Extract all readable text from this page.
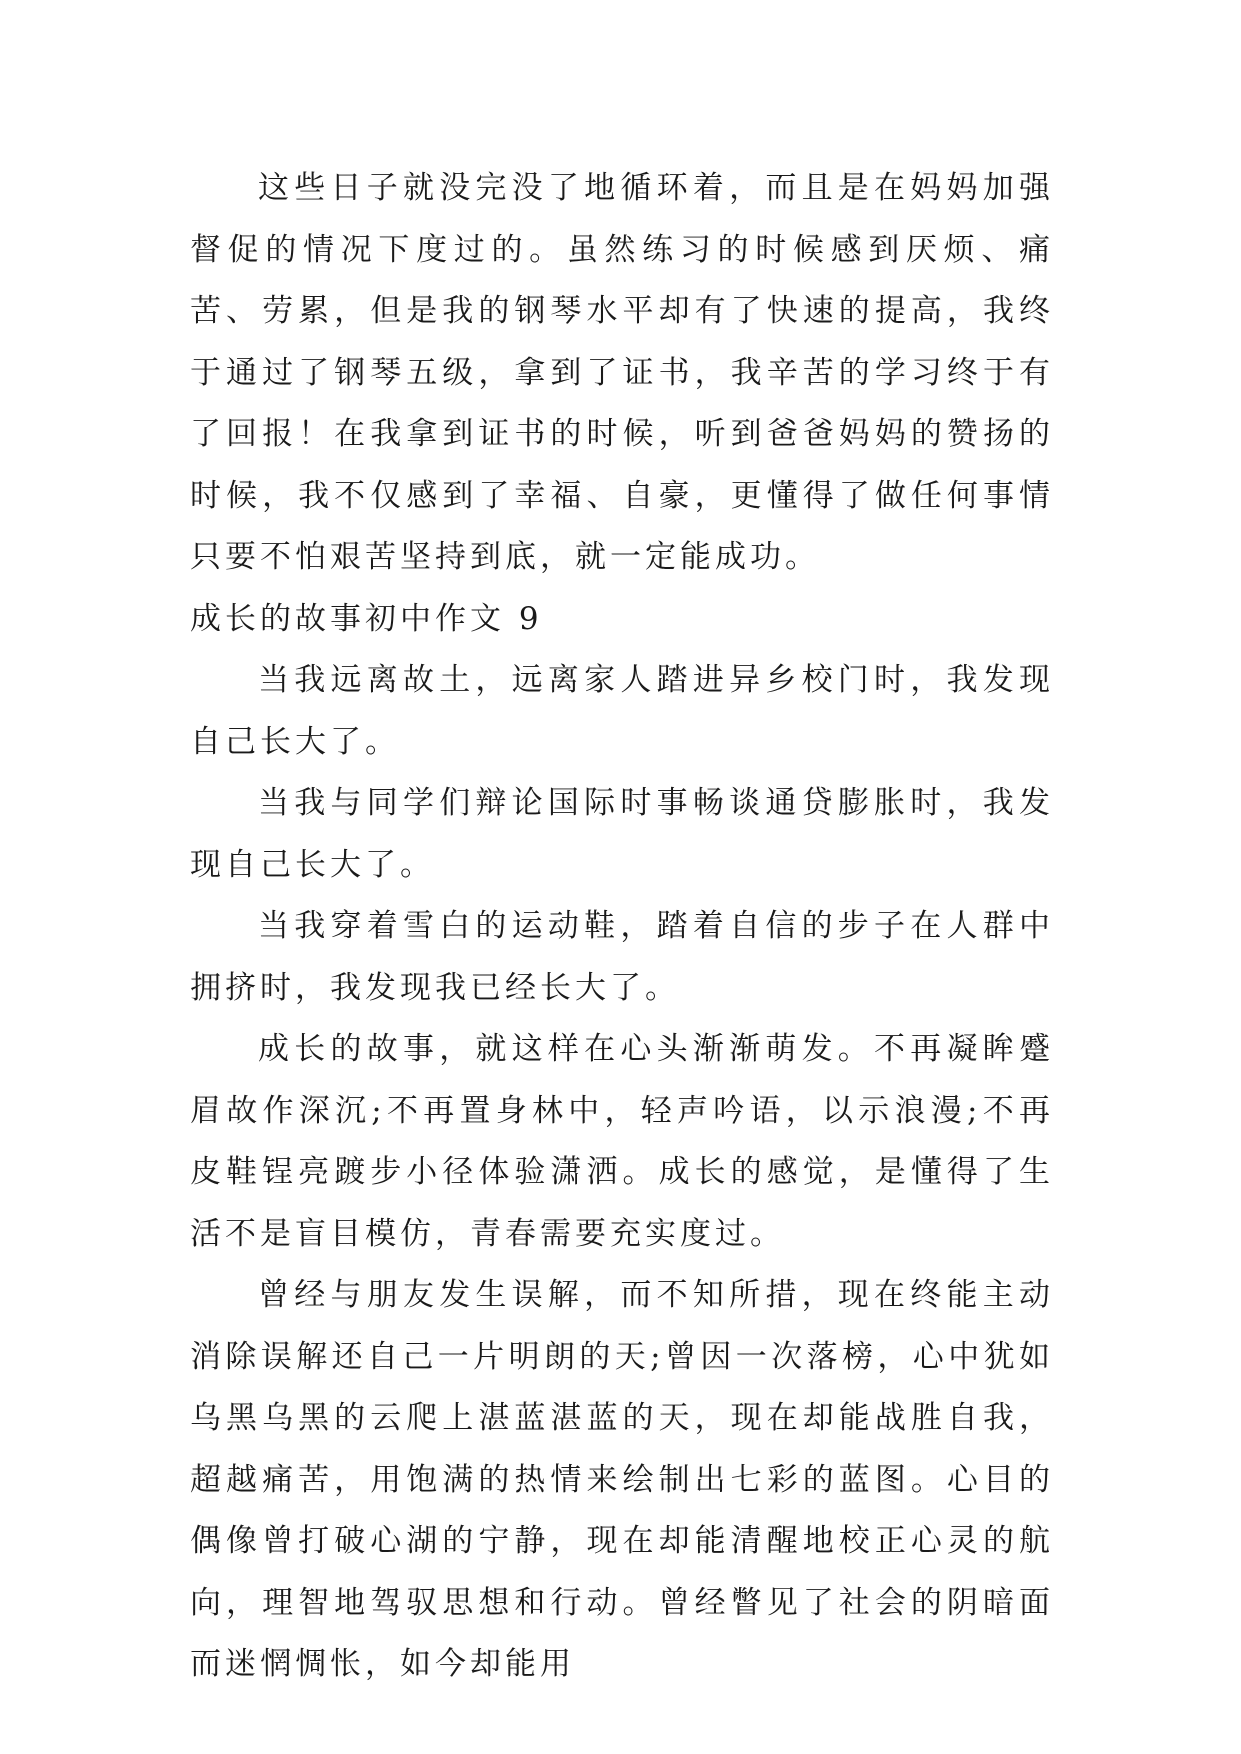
这些日子就没完没了地循环着，而且是在妈妈加强督促的情况下度过的。虽然练习的时候感到厌烦、痛苦、劳累，但是我的钢琴水平却有了快速的提高，我终于通过了钢琴五级，拿到了证书，我辛苦的学习终于有了回报！在我拿到证书的时候，听到爸爸妈妈的赞扬的时候，我不仅感到了幸福、自豪，更懂得了做任何事情只要不怕艰苦坚持到底，就一定能成功。

成长的故事初中作文 9

当我远离故土，远离家人踏进异乡校门时，我发现自己长大了。

当我与同学们辩论国际时事畅谈通贷膨胀时，我发现自己长大了。

当我穿着雪白的运动鞋，踏着自信的步子在人群中拥挤时，我发现我已经长大了。

成长的故事，就这样在心头渐渐萌发。不再凝眸蹙眉故作深沉;不再置身林中，轻声吟语，以示浪漫;不再皮鞋锃亮踱步小径体验潇洒。成长的感觉，是懂得了生活不是盲目模仿，青春需要充实度过。

曾经与朋友发生误解，而不知所措，现在终能主动消除误解还自己一片明朗的天;曾因一次落榜，心中犹如乌黑乌黑的云爬上湛蓝湛蓝的天，现在却能战胜自我，超越痛苦，用饱满的热情来绘制出七彩的蓝图。心目的偶像曾打破心湖的宁静，现在却能清醒地校正心灵的航向，理智地驾驭思想和行动。曾经瞥见了社会的阴暗面而迷惘惆怅，如今却能用
